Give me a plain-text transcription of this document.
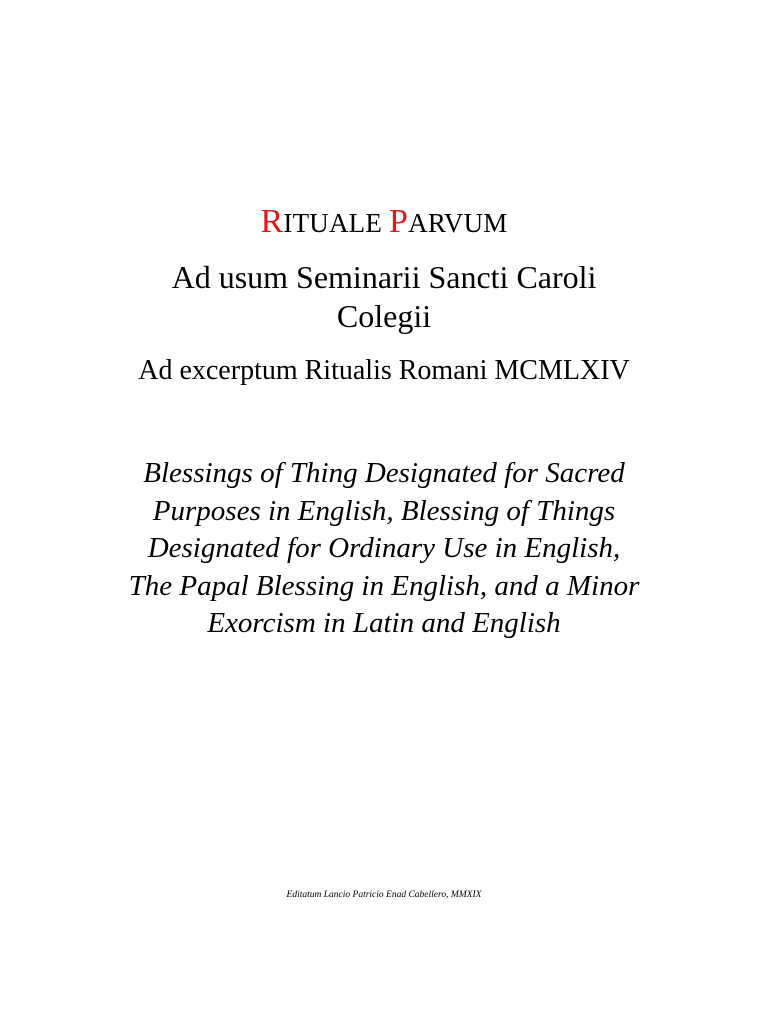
RITUALE PARVUM
Ad usum Seminarii Sancti Caroli
Colegii
Ad excerptum Ritualis Romani MCMLXIV
Blessings of Thing Designated for Sacred
Purposes in English, Blessing of Things
Designated for Ordinary Use in English,
The Papal Blessing in English, and a Minor
Exorcism in Latin and English
Editatum Lancio Patricio Enad Cabellero, MMXIX
